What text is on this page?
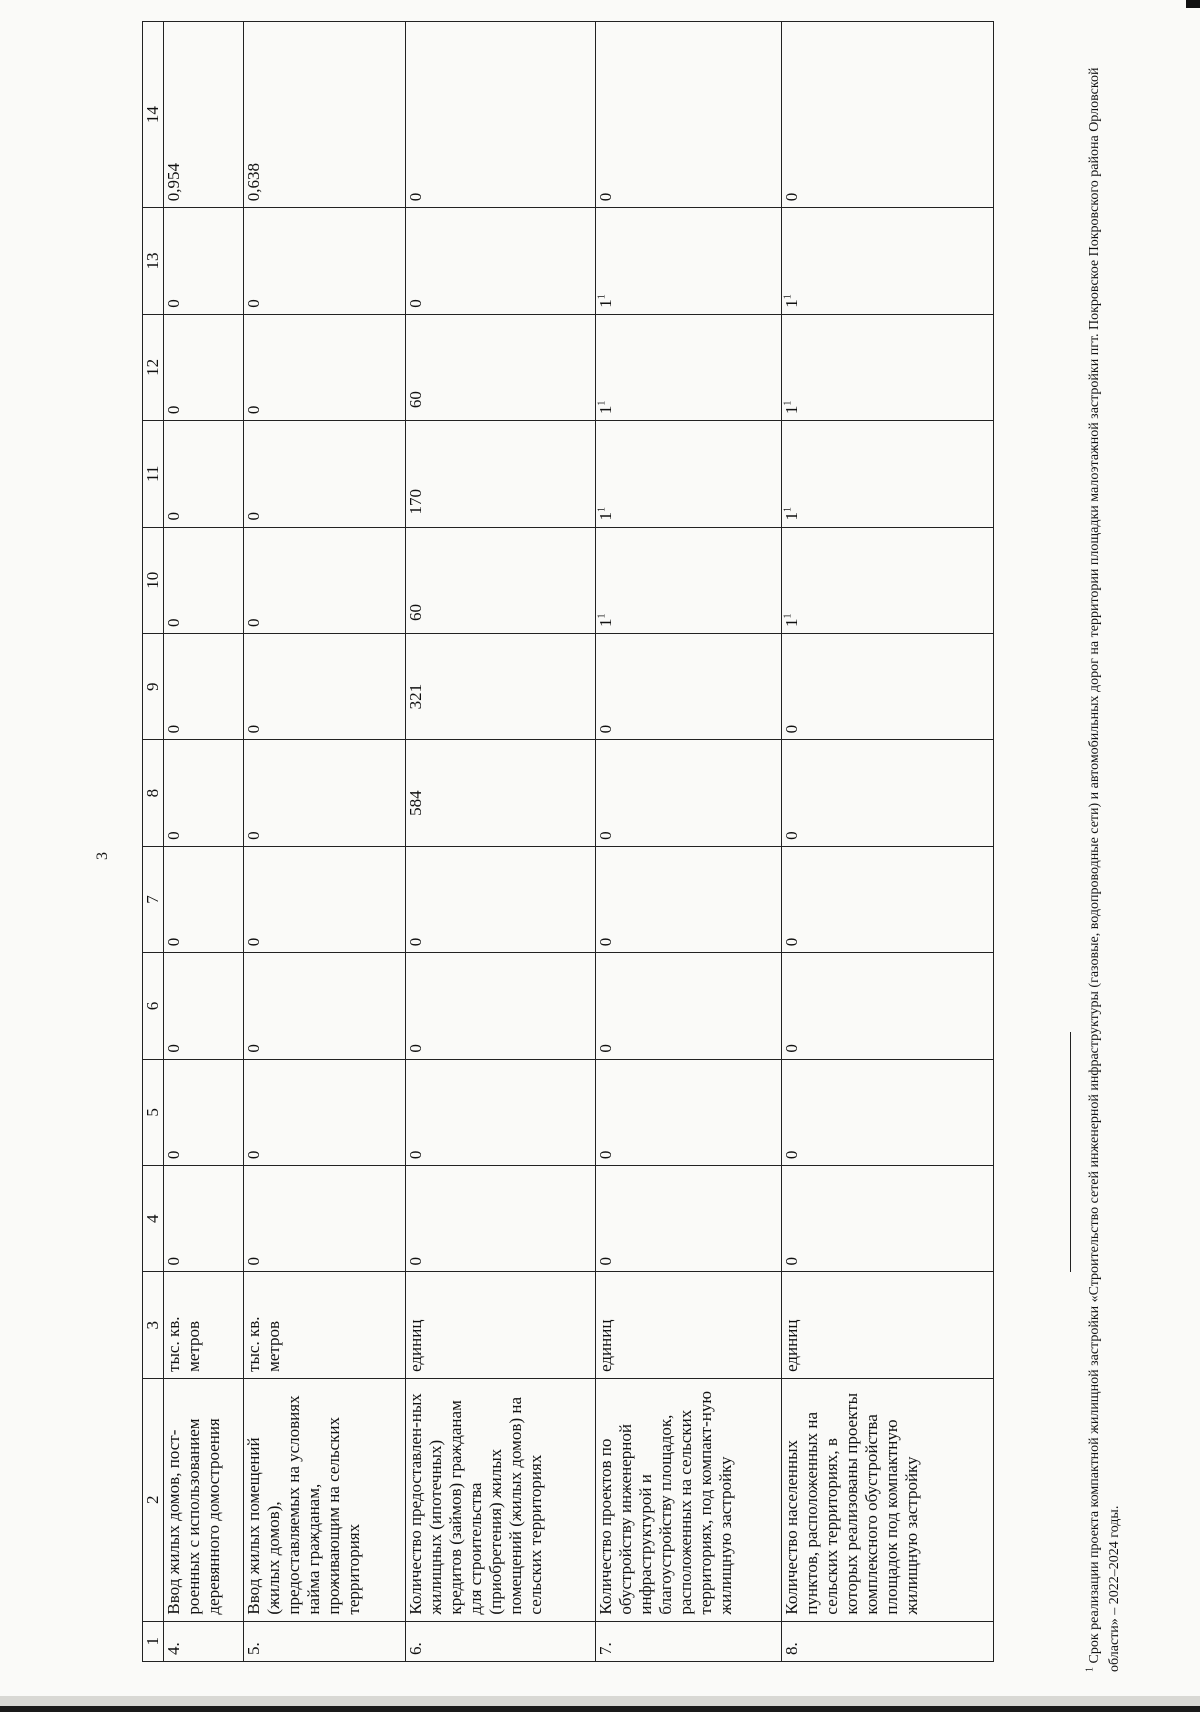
3
1	2	3	4	5	6	7	8	9	10	11	12	13	14
4.	Ввод жилых домов, пост-роенных с использованием деревянного домостроения	тыс. кв. метров	0	0	0	0	0	0	0	0	0	0	0,954
5.	Ввод жилых помещений (жилых домов), предоставляемых на условиях найма гражданам, проживающим на сельских территориях	тыс. кв. метров	0	0	0	0	0	0	0	0	0	0	0,638
6.	Количество предоставлен-ных жилищных (ипотечных) кредитов (займов) гражданам для строительства (приобретения) жилых помещений (жилых домов) на сельских территориях	единиц	0	0	0	0	584	321	60	170	60	0	0
7.	Количество проектов по обустройству инженерной инфраструктурой и благоустройству площадок, расположенных на сельских территориях, под компакт-ную жилищную застройку	единиц	0	0	0	0	0	0	$1^1$	$1^1$	$1^1$	$1^1$	0
8.	Количество населенных пунктов, расположенных на сельских территориях, в которых реализованы проекты комплексного обустройства площадок под компактную жилищную застройку	единиц	0	0	0	0	0	0	$1^1$	$1^1$	$1^1$	$1^1$	0
$^1$ Срок реализации проекта компактной жилищной застройки «Строительство сетей инженерной инфраструктуры (газовые, водопроводные сети) и автомобильных дорог на территории площадки малоэтажной застройки пгт. Покровское Покровского района Орловской области» – 2022–2024 годы.
